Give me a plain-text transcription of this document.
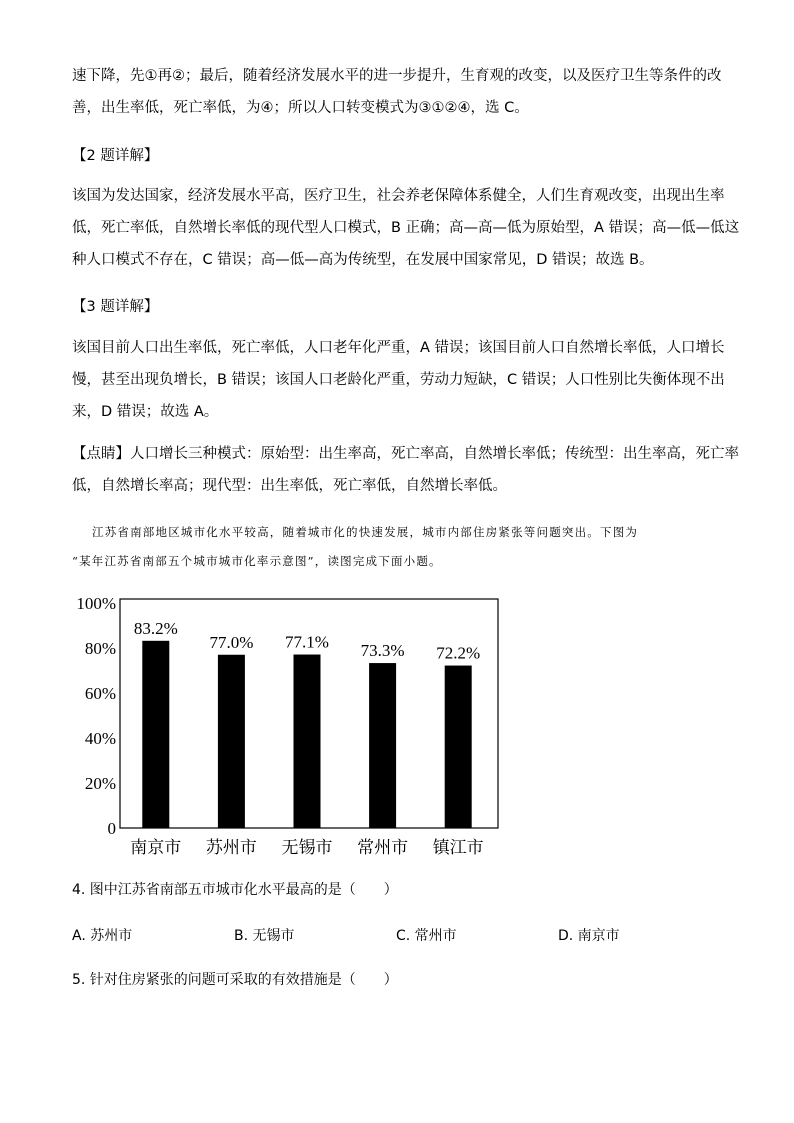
速下降，先①再②；最后，随着经济发展水平的进一步提升，生育观的改变，以及医疗卫生等条件的改
善，出生率低，死亡率低，为④；所以人口转变模式为③①②④，选 C。
【2 题详解】
该国为发达国家，经济发展水平高，医疗卫生，社会养老保障体系健全，人们生育观改变，出现出生率
低，死亡率低，自然增长率低的现代型人口模式，B 正确；高—高—低为原始型，A 错误；高—低—低这
种人口模式不存在，C 错误；高—低—高为传统型，在发展中国家常见，D 错误；故选 B。
【3 题详解】
该国目前人口出生率低，死亡率低，人口老年化严重，A 错误；该国目前人口自然增长率低，人口增长
慢，甚至出现负增长，B 错误；该国人口老龄化严重，劳动力短缺，C 错误；人口性别比失衡体现不出
来，D 错误；故选 A。
【点睛】人口增长三种模式：原始型：出生率高，死亡率高，自然增长率低；传统型：出生率高，死亡率
低，自然增长率高；现代型：出生率低，死亡率低，自然增长率低。
江苏省南部地区城市化水平较高，随着城市化的快速发展，城市内部住房紧张等问题突出。下图为
“某年江苏省南部五个城市城市化率示意图”，读图完成下面小题。
0
20%
40%
60%
80%
100%
83.2%
南京市
77.0%
苏州市
77.1%
无锡市
73.3%
常州市
72.2%
镇江市
4. 图中江苏省南部五市城市化水平最高的是（　　）
A. 苏州市	B. 无锡市	C. 常州市	D. 南京市
5. 针对住房紧张的问题可采取的有效措施是（　　）
